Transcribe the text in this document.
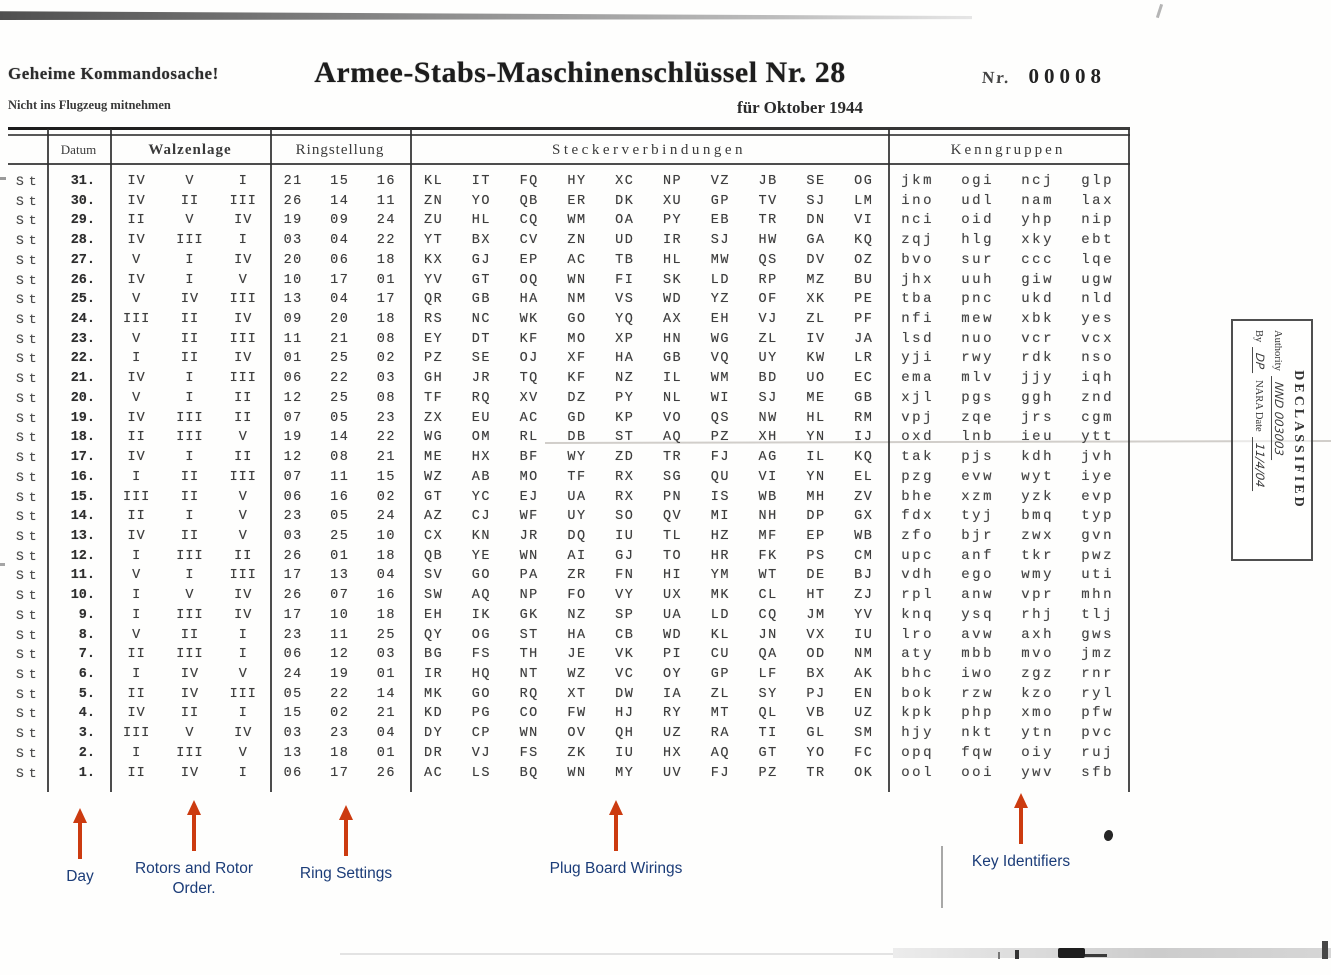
Geheime Kommandosache!
Nicht ins Flugzeug mitnehmen
Armee-Stabs-Maschinenschlüssel Nr. 28
für Oktober 1944
Nr. 00008
Datum	Walzenlage	Ringstellung	Steckerverbindungen	Kenngruppen
St	31.	IV	V	I	21	15	16	KL	IT	FQ	HY	XC	NP	VZ	JB	SE	OG	jkm	ogi	ncj	glp
St	30.	IV	II	III	26	14	11	ZN	YO	QB	ER	DK	XU	GP	TV	SJ	LM	ino	udl	nam	lax
St	29.	II	V	IV	19	09	24	ZU	HL	CQ	WM	OA	PY	EB	TR	DN	VI	nci	oid	yhp	nip
St	28.	IV	III	I	03	04	22	YT	BX	CV	ZN	UD	IR	SJ	HW	GA	KQ	zqj	hlg	xky	ebt
St	27.	V	I	IV	20	06	18	KX	GJ	EP	AC	TB	HL	MW	QS	DV	OZ	bvo	sur	ccc	lqe
St	26.	IV	I	V	10	17	01	YV	GT	OQ	WN	FI	SK	LD	RP	MZ	BU	jhx	uuh	giw	ugw
St	25.	V	IV	III	13	04	17	QR	GB	HA	NM	VS	WD	YZ	OF	XK	PE	tba	pnc	ukd	nld
St	24.	III	II	IV	09	20	18	RS	NC	WK	GO	YQ	AX	EH	VJ	ZL	PF	nfi	mew	xbk	yes
St	23.	V	II	III	11	21	08	EY	DT	KF	MO	XP	HN	WG	ZL	IV	JA	lsd	nuo	vcr	vcx
St	22.	I	II	IV	01	25	02	PZ	SE	OJ	XF	HA	GB	VQ	UY	KW	LR	yji	rwy	rdk	nso
St	21.	IV	I	III	06	22	03	GH	JR	TQ	KF	NZ	IL	WM	BD	UO	EC	ema	mlv	jjy	iqh
St	20.	V	I	II	12	25	08	TF	RQ	XV	DZ	PY	NL	WI	SJ	ME	GB	xjl	pgs	ggh	znd
St	19.	IV	III	II	07	05	23	ZX	EU	AC	GD	KP	VO	QS	NW	HL	RM	vpj	zqe	jrs	cgm
St	18.	II	III	V	19	14	22	WG	OM	RL	DB	ST	AQ	PZ	XH	YN	IJ	oxd	lnb	ieu	ytt
St	17.	IV	I	II	12	08	21	ME	HX	BF	WY	ZD	TR	FJ	AG	IL	KQ	tak	pjs	kdh	jvh
St	16.	I	II	III	07	11	15	WZ	AB	MO	TF	RX	SG	QU	VI	YN	EL	pzg	evw	wyt	iye
St	15.	III	II	V	06	16	02	GT	YC	EJ	UA	RX	PN	IS	WB	MH	ZV	bhe	xzm	yzk	evp
St	14.	II	I	V	23	05	24	AZ	CJ	WF	UY	SO	QV	MI	NH	DP	GX	fdx	tyj	bmq	typ
St	13.	IV	II	V	03	25	10	CX	KN	JR	DQ	IU	TL	HZ	MF	EP	WB	zfo	bjr	zwx	gvn
St	12.	I	III	II	26	01	18	QB	YE	WN	AI	GJ	TO	HR	FK	PS	CM	upc	anf	tkr	pwz
St	11.	V	I	III	17	13	04	SV	GO	PA	ZR	FN	HI	YM	WT	DE	BJ	vdh	ego	wmy	uti
St	10.	I	V	IV	26	07	16	SW	AQ	NP	FO	VY	UX	MK	CL	HT	ZJ	rpl	anw	vpr	mhn
St	9.	I	III	IV	17	10	18	EH	IK	GK	NZ	SP	UA	LD	CQ	JM	YV	knq	ysq	rhj	tlj
St	8.	V	II	I	23	11	25	QY	OG	ST	HA	CB	WD	KL	JN	VX	IU	lro	avw	axh	gws
St	7.	II	III	I	06	12	03	BG	FS	TH	JE	VK	PI	CU	QA	OD	NM	aty	mbb	mvo	jmz
St	6.	I	IV	V	24	19	01	IR	HQ	NT	WZ	VC	OY	GP	LF	BX	AK	bhc	iwo	zgz	rnr
St	5.	II	IV	III	05	22	14	MK	GO	RQ	XT	DW	IA	ZL	SY	PJ	EN	bok	rzw	kzo	ryl
St	4.	IV	II	I	15	02	21	KD	PG	CO	FW	HJ	RY	MT	QL	VB	UZ	kpk	php	xmo	pfw
St	3.	III	V	IV	03	23	04	DY	CP	WN	OV	QH	UZ	RA	TI	GL	SM	hjy	nkt	ytn	pvc
St	2.	I	III	V	13	18	01	DR	VJ	FS	ZK	IU	HX	AQ	GT	YO	FC	opq	fqw	oiy	ruj
St	1.	II	IV	I	06	17	26	AC	LS	BQ	WN	MY	UV	FJ	PZ	TR	OK	ool	ooi	ywv	sfb
DECLASSIFIED
Authority
NND 003003
By
DP
NARA Date
11/4/04
Day	Rotors and Rotor Order.
Ring Settings	Plug Board Wirings	Key Identifiers
